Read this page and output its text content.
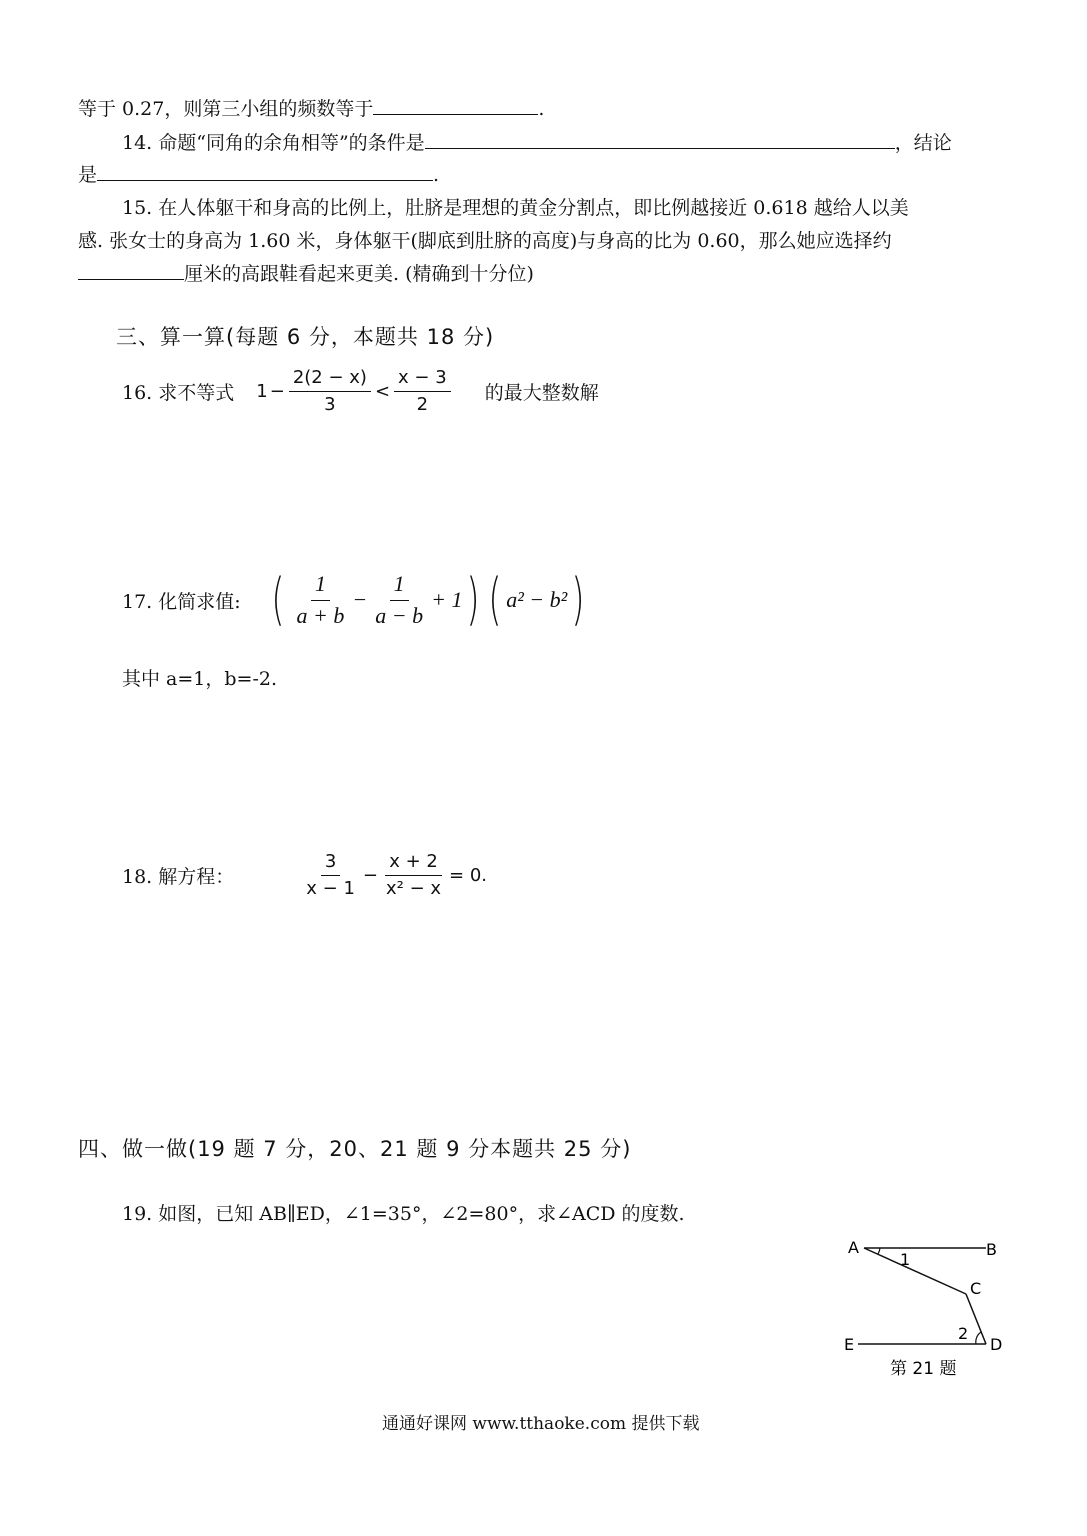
等于 0.27，则第三小组的频数等于	.
14. 命题“同角的余角相等”的条件是	，结论
是	.
15. 在人体躯干和身高的比例上，肚脐是理想的黄金分割点，即比例越接近 0.618 越给人以美
感. 张女士的身高为 1.60 米，身体躯干(脚底到肚脐的高度)与身高的比为 0.60，那么她应选择约
厘米的高跟鞋看起来更美. (精确到十分位)
三、算一算(每题 6 分，本题共 18 分)
16. 求不等式 $1 - \frac{2(2 - x)}{3} < \frac{x - 3}{2}$ 的最大整数解
17. 化简求值: ( $\frac{1}{a + b} - \frac{1}{a - b} + 1$ ) ( a² − b² )
其中 a=1，b=-2.
18. 解方程：	$\frac{3}{x - 1} - \frac{x + 2}{\text{x² − x}} = 0$.
四、做一做(19 题 7 分，20、21 题 9 分本题共 25 分)
19. 如图，已知 AB∥ED，∠1=35°，∠2=80°，求∠ACD 的度数.
A	B
C
D
E
1
2
第 21 题
通通好课网 www.tthaoke.com 提供下载
